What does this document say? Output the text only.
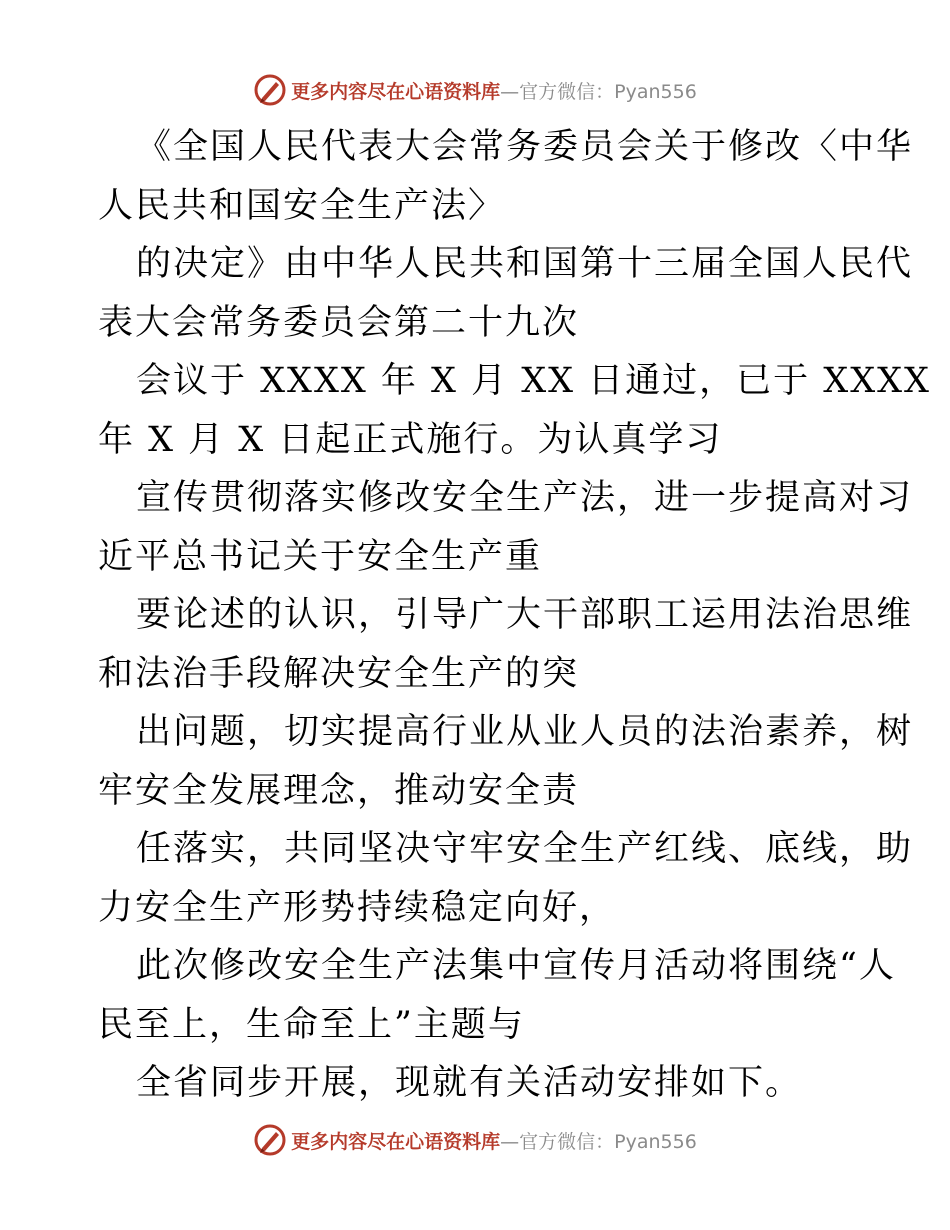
更多内容尽在心语资料库—官方微信：Pyan556
《全国人民代表大会常务委员会关于修改〈中华
人民共和国安全生产法〉
的决定》由中华人民共和国第十三届全国人民代
表大会常务委员会第二十九次
会议于 XXXX 年 X 月 XX 日通过，已于 XXXX
年 X 月 X 日起正式施行。为认真学习
宣传贯彻落实修改安全生产法，进一步提高对习
近平总书记关于安全生产重
要论述的认识，引导广大干部职工运用法治思维
和法治手段解决安全生产的突
出问题，切实提高行业从业人员的法治素养，树
牢安全发展理念，推动安全责
任落实，共同坚决守牢安全生产红线、底线，助
力安全生产形势持续稳定向好，
此次修改安全生产法集中宣传月活动将围绕“人
民至上，生命至上”主题与
全省同步开展，现就有关活动安排如下。
更多内容尽在心语资料库—官方微信：Pyan556
